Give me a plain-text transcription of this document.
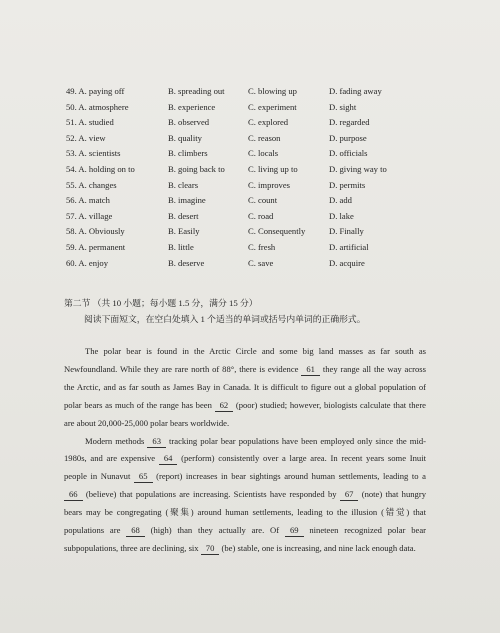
49. A. paying off	B. spreading out	C. blowing up	D. fading away
50. A. atmosphere	B. experience	C. experiment	D. sight
51. A. studied	B. observed	C. explored	D. regarded
52. A. view	B. quality	C. reason	D. purpose
53. A. scientists	B. climbers	C. locals	D. officials
54. A. holding on to	B. going back to	C. living up to	D. giving way to
55. A. changes	B. clears	C. improves	D. permits
56. A. match	B. imagine	C. count	D. add
57. A. village	B. desert	C. road	D. lake
58. A. Obviously	B. Easily	C. Consequently	D. Finally
59. A. permanent	B. little	C. fresh	D. artificial
60. A. enjoy	B. deserve	C. save	D. acquire
第二节 （共 10 小题；每小题 1.5 分，满分 15 分）
阅读下面短文，在空白处填入 1 个适当的单词或括号内单词的正确形式。

The polar bear is found in the Arctic Circle and some big land masses as far south as Newfoundland. While they are rare north of 88°, there is evidence 61 they range all the way across the Arctic, and as far south as James Bay in Canada. It is difficult to figure out a global population of polar bears as much of the range has been 62 (poor) studied; however, biologists calculate that there are about 20,000-25,000 polar bears worldwide.

Modern methods 63 tracking polar bear populations have been employed only since the mid-1980s, and are expensive 64 (perform) consistently over a large area. In recent years some Inuit people in Nunavut 65 (report) increases in bear sightings around human settlements, leading to a 66 (believe) that populations are increasing. Scientists have responded by 67 (note) that hungry bears may be congregating (聚集) around human settlements, leading to the illusion (错觉) that populations are 68 (high) than they actually are. Of 69 nineteen recognized polar bear subpopulations, three are declining, six 70 (be) stable, one is increasing, and nine lack enough data.
